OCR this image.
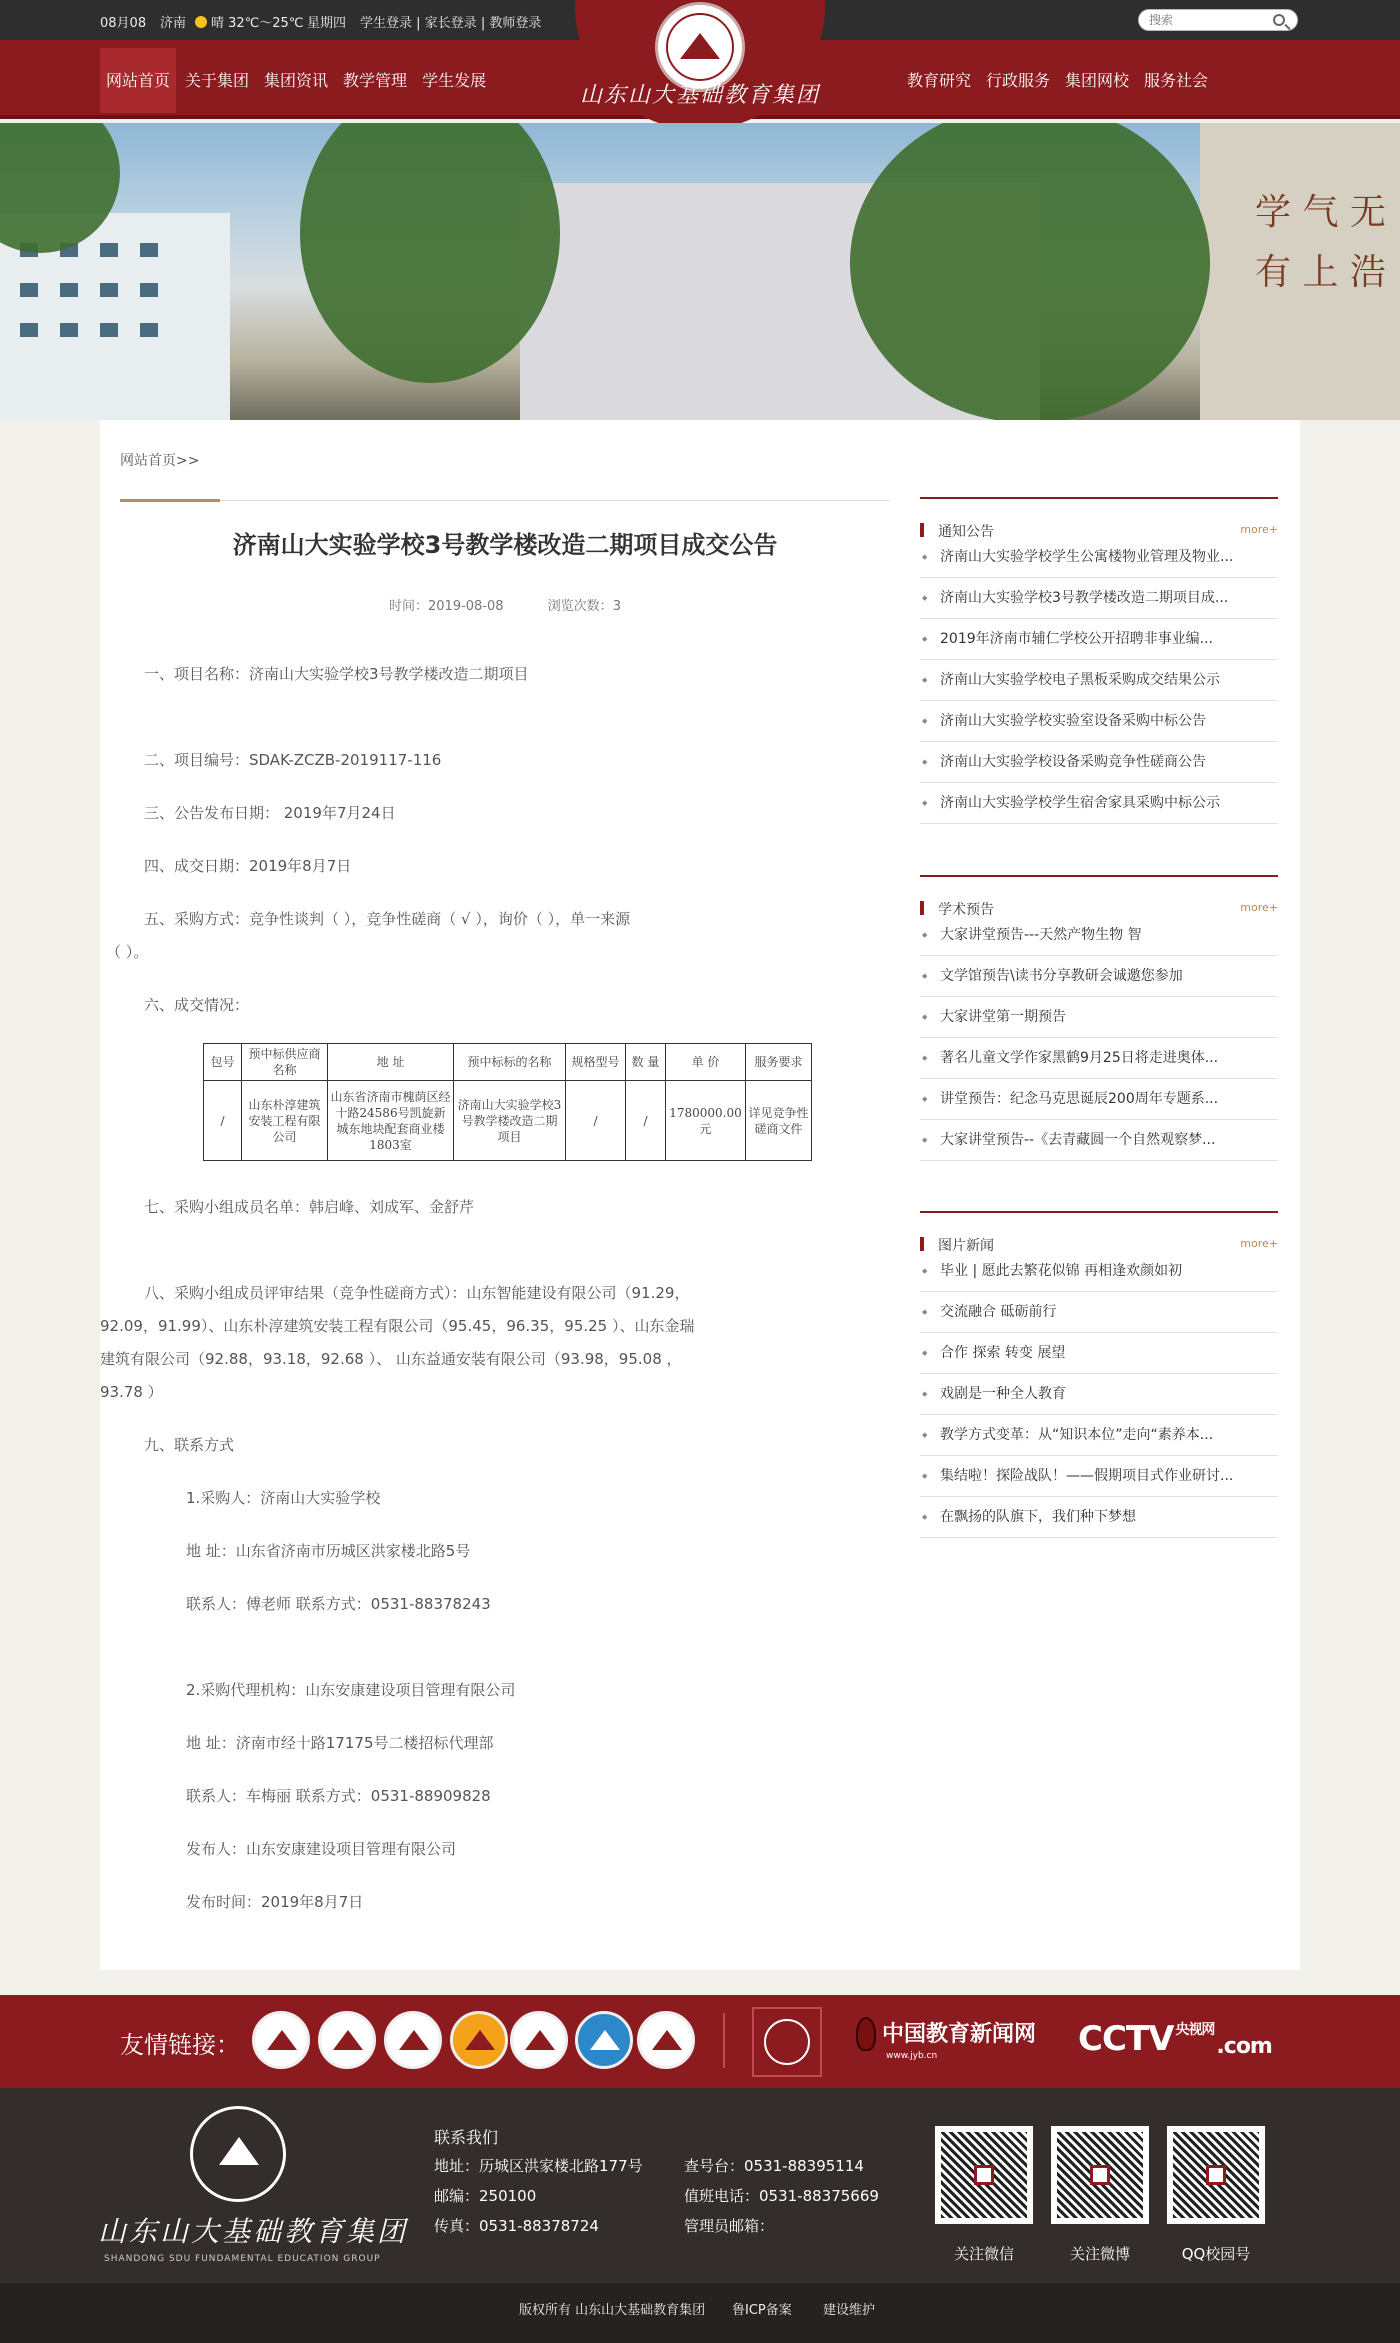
08月08 济南	晴 32℃～25℃ 星期四 学生登录 | 家长登录 | 教师登录
搜索
网站首页 关于集团 集团资讯 教学管理 学生发展	教育研究 行政服务 集团网校 服务社会
山东山大基础教育集团
学 气 无 有 上 浩
网站首页>>
济南山大实验学校3号教学楼改造二期项目成交公告
时间：2019-08-08	浏览次数：3
一、项目名称：济南山大实验学校3号教学楼改造二期项目
二、项目编号：SDAK-ZCZB-2019117-116
三、公告发布日期： 2019年7月24日
四、成交日期：2019年8月7日
五、采购方式：竞争性谈判（ ），竞争性磋商（ √ ），询价（ ），单一来源
（ ）。
六、成交情况：
包号	预中标供应商名称	地 址	预中标标的名称	规格型号	数 量	单 价	服务要求
/	山东朴淳建筑安装工程有限公司	山东省济南市槐荫区经十路24586号凯旋新城东地块配套商业楼1803室	济南山大实验学校3号教学楼改造二期项目	/	/	1780000.00元	详见竞争性磋商文件
七、采购小组成员名单：韩启峰、刘成军、金舒芹
八、采购小组成员评审结果（竞争性磋商方式）：山东智能建设有限公司（91.29，
92.09，91.99）、山东朴淳建筑安装工程有限公司（95.45，96.35，95.25 ）、山东金瑞
建筑有限公司（92.88，93.18，92.68 ）、 山东益通安装有限公司（93.98，95.08 ，
93.78 ）
九、联系方式
1.采购人：济南山大实验学校
地 址：山东省济南市历城区洪家楼北路5号
联系人：傅老师 联系方式：0531-88378243
2.采购代理机构：山东安康建设项目管理有限公司
地 址：济南市经十路17175号二楼招标代理部
联系人：车梅丽 联系方式：0531-88909828
发布人：山东安康建设项目管理有限公司
发布时间：2019年8月7日
通知公告	more+
◆ 济南山大实验学校学生公寓楼物业管理及物业...
◆ 济南山大实验学校3号教学楼改造二期项目成...
◆ 2019年济南市辅仁学校公开招聘非事业编...
◆ 济南山大实验学校电子黑板采购成交结果公示
◆ 济南山大实验学校实验室设备采购中标公告
◆ 济南山大实验学校设备采购竞争性磋商公告
◆ 济南山大实验学校学生宿舍家具采购中标公示
学术预告	more+
◆ 大家讲堂预告---天然产物生物 智
◆ 文学馆预告\读书分享教研会诚邀您参加
◆ 大家讲堂第一期预告
◆ 著名儿童文学作家黑鹤9月25日将走进奥体...
◆ 讲堂预告：纪念马克思诞辰200周年专题系...
◆ 大家讲堂预告--《去青藏圆一个自然观察梦...
图片新闻	more+
◆ 毕业 | 愿此去繁花似锦 再相逢欢颜如初
◆ 交流融合 砥砺前行
◆ 合作 探索 转变 展望
◆ 戏剧是一种全人教育
◆ 教学方式变革：从“知识本位”走向“素养本...
◆ 集结啦！探险战队！——假期项目式作业研讨...
◆ 在飘扬的队旗下，我们种下梦想
友情链接：	中国教育新闻网
www.jyb.cn	CCTV $^{央视网}$.com
山东山大基础教育集团
SHANDONG SDU FUNDAMENTAL EDUCATION GROUP
联系我们
地址：历城区洪家楼北路177号
邮编：250100
传真：0531-88378724
查号台：0531-88395114
值班电话：0531-88375669
管理员邮箱：
关注微信	关注微博	QQ校园号
版权所有 山东山大基础教育集团 鲁ICP备案 建设维护
